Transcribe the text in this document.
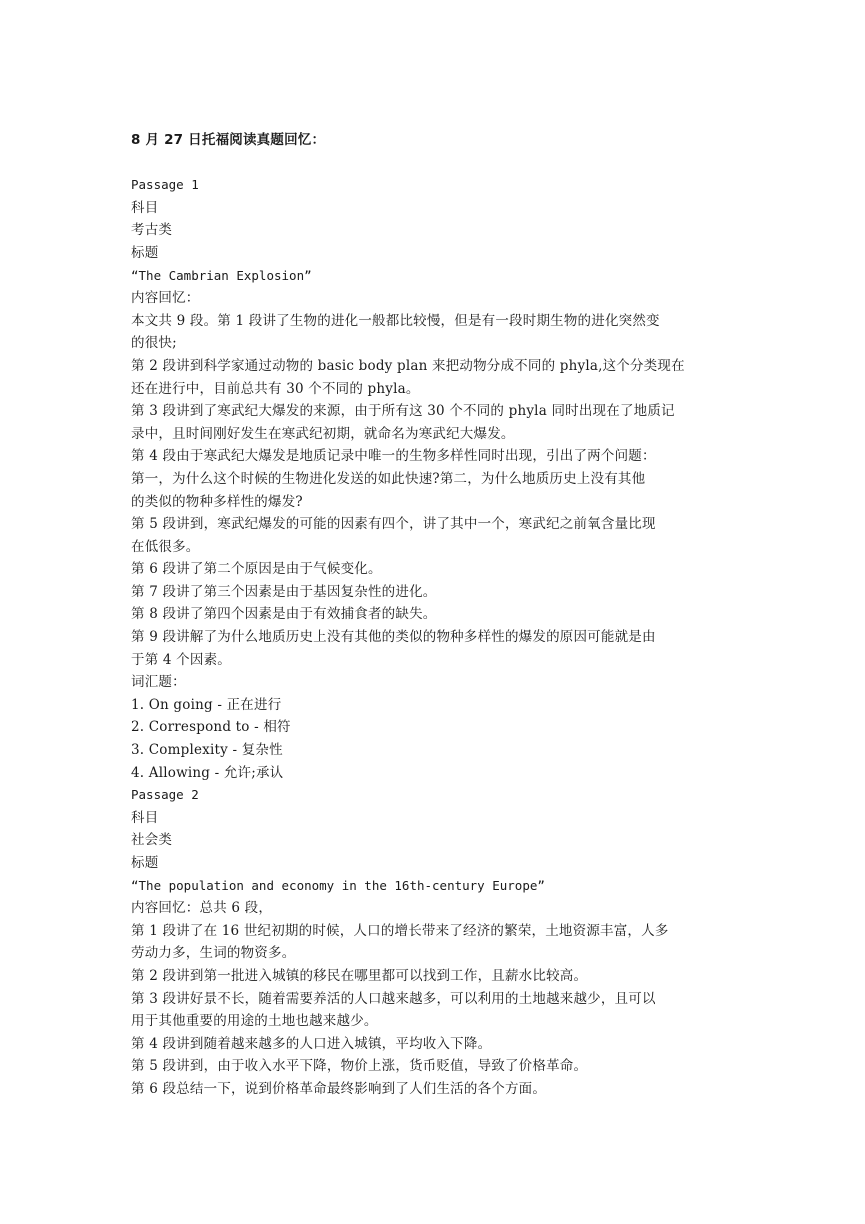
8 月 27 日托福阅读真题回忆：
Passage 1
科目
考古类
标题
“The Cambrian Explosion”
内容回忆：
本文共 9 段。第 1 段讲了生物的进化一般都比较慢，但是有一段时期生物的进化突然变
的很快;
第 2 段讲到科学家通过动物的 basic body plan 来把动物分成不同的 phyla,这个分类现在
还在进行中，目前总共有 30 个不同的 phyla。
第 3 段讲到了寒武纪大爆发的来源，由于所有这 30 个不同的 phyla 同时出现在了地质记
录中，且时间刚好发生在寒武纪初期，就命名为寒武纪大爆发。
第 4 段由于寒武纪大爆发是地质记录中唯一的生物多样性同时出现，引出了两个问题：
第一，为什么这个时候的生物进化发送的如此快速?第二，为什么地质历史上没有其他
的类似的物种多样性的爆发?
第 5 段讲到，寒武纪爆发的可能的因素有四个，讲了其中一个，寒武纪之前氧含量比现
在低很多。
第 6 段讲了第二个原因是由于气候变化。
第 7 段讲了第三个因素是由于基因复杂性的进化。
第 8 段讲了第四个因素是由于有效捕食者的缺失。
第 9 段讲解了为什么地质历史上没有其他的类似的物种多样性的爆发的原因可能就是由
于第 4 个因素。
词汇题：
1. On going - 正在进行
2. Correspond to - 相符
3. Complexity - 复杂性
4. Allowing - 允许;承认
Passage 2
科目
社会类
标题
“The population and economy in the 16th-century Europe”
内容回忆：总共 6 段，
第 1 段讲了在 16 世纪初期的时候，人口的增长带来了经济的繁荣，土地资源丰富，人多
劳动力多，生词的物资多。
第 2 段讲到第一批进入城镇的移民在哪里都可以找到工作，且薪水比较高。
第 3 段讲好景不长，随着需要养活的人口越来越多，可以利用的土地越来越少，且可以
用于其他重要的用途的土地也越来越少。
第 4 段讲到随着越来越多的人口进入城镇，平均收入下降。
第 5 段讲到，由于收入水平下降，物价上涨，货币贬值，导致了价格革命。
第 6 段总结一下，说到价格革命最终影响到了人们生活的各个方面。
